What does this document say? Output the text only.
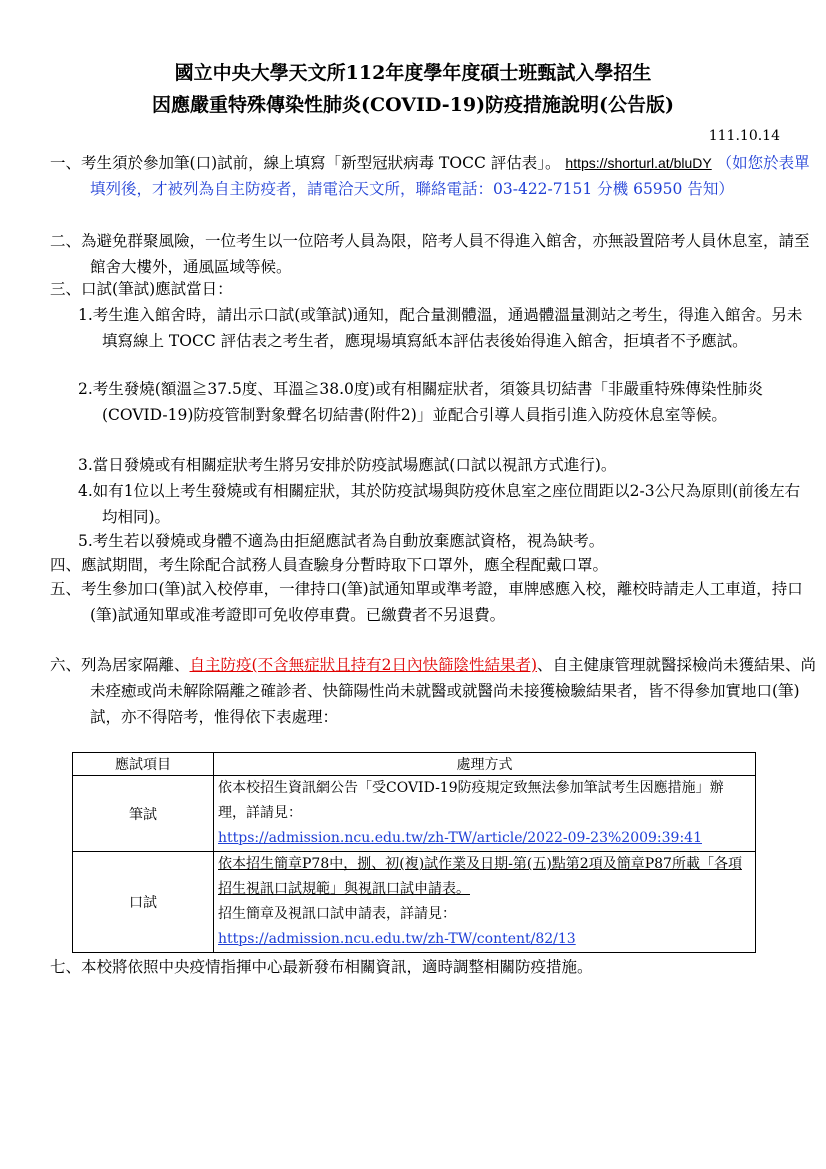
國立中央大學天文所112年度學年度碩士班甄試入學招生
因應嚴重特殊傳染性肺炎(COVID-19)防疫措施說明(公告版)
111.10.14
一、考生須於參加筆(口)試前，線上填寫「新型冠狀病毒 TOCC 評估表」。 https://shorturl.at/bluDY （如您於表單填列後，才被列為自主防疫者，請電洽天文所，聯絡電話：03-422-7151 分機 65950 告知）
二、為避免群聚風險，一位考生以一位陪考人員為限，陪考人員不得進入館舍，亦無設置陪考人員休息室，請至館舍大樓外，通風區域等候。
三、口試(筆試)應試當日：
1.考生進入館舍時，請出示口試(或筆試)通知，配合量測體溫，通過體溫量測站之考生，得進入館舍。另未填寫線上 TOCC 評估表之考生者，應現場填寫紙本評估表後始得進入館舍，拒填者不予應試。
2.考生發燒(額溫≧37.5度、耳溫≧38.0度)或有相關症狀者，須簽具切結書「非嚴重特殊傳染性肺炎(COVID-19)防疫管制對象聲名切結書(附件2)」並配合引導人員指引進入防疫休息室等候。
3.當日發燒或有相關症狀考生將另安排於防疫試場應試(口試以視訊方式進行)。
4.如有1位以上考生發燒或有相關症狀，其於防疫試場與防疫休息室之座位間距以2-3公尺為原則(前後左右均相同)。
5.考生若以發燒或身體不適為由拒絕應試者為自動放棄應試資格，視為缺考。
四、應試期間，考生除配合試務人員查驗身分暫時取下口罩外，應全程配戴口罩。
五、考生參加口(筆)試入校停車，一律持口(筆)試通知單或準考證，車牌感應入校，離校時請走人工車道，持口(筆)試通知單或准考證即可免收停車費。已繳費者不另退費。
六、列為居家隔離、自主防疫(不含無症狀且持有2日內快篩陰性結果者)、自主健康管理就醫採檢尚未獲結果、尚未痊癒或尚未解除隔離之確診者、快篩陽性尚未就醫或就醫尚未接獲檢驗結果者，皆不得參加實地口(筆)試，亦不得陪考，惟得依下表處理：
應試項目	處理方式
筆試	依本校招生資訊網公告「受COVID-19防疫規定致無法參加筆試考生因應措施」辦理，詳請見：
https://admission.ncu.edu.tw/zh-TW/article/2022-09-23%2009:39:41
口試	依本招生簡章P78中，捌、初(複)試作業及日期-第(五)點第2項及簡章P87所載「各項招生視訊口試規範」與視訊口試申請表。
招生簡章及視訊口試申請表，詳請見：
https://admission.ncu.edu.tw/zh-TW/content/82/13
七、本校將依照中央疫情指揮中心最新發布相關資訊，適時調整相關防疫措施。
